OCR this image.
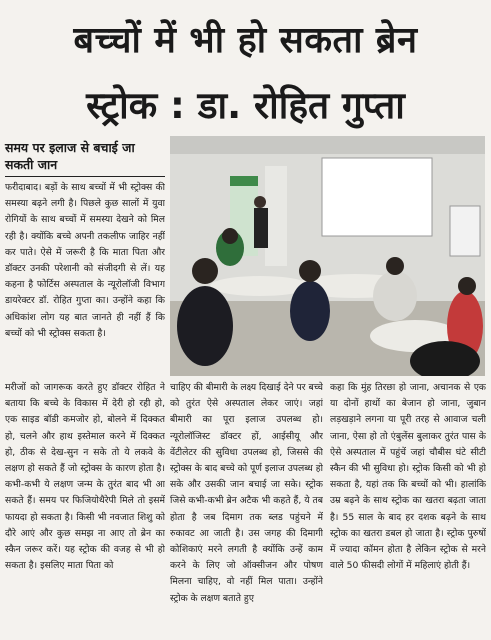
बच्चों में भी हो सकता ब्रेन
स्ट्रोक : डा. रोहित गुप्ता
समय पर इलाज से बचाई जा सकती जान

फरीदाबाद। बड़ों के साथ बच्चों में भी स्ट्रोक्स की समस्या बढ़ने लगी है। पिछले कुछ सालों में युवा रोगियों के साथ बच्चों में समस्या देखने को मिल रही है। क्योंकि बच्चे अपनी तकलीफ जाहिर नहीं कर पाते। ऐसे में जरूरी है कि माता पिता और डॉक्टर उनकी परेशानी को संजीदगी से लें। यह कहना है फोर्टिस अस्पताल के न्यूरोलॉजी विभाग डायरेक्टर डॉ. रोहित गुप्ता का। उन्होंने कहा कि अधिकांश लोग यह बात जानते ही नहीं हैं कि बच्चों को भी स्ट्रोक्स सकता है।

मरीजों को जागरूक करते हुए डॉक्टर रोहित ने बताया कि बच्चे के विकास में देरी हो रही हो, एक साइड बॉडी कमजोर हो, बोलने में दिक्कत हो, चलने और हाथ इस्तेमाल करने में दिक्कत हो, ठीक से देख-सुन न सके तो ये लकवे के लक्षण हो सकते हैं जो स्ट्रोक्स के कारण होता है। कभी-कभी ये लक्षण जन्म के तुरंत बाद भी आ सकते हैं। समय पर फिजियोथैरेपी मिले तो इसमें फायदा हो सकता है। किसी भी नवजात शिशु को दौरे आएं और कुछ समझ ना आए तो ब्रेन का स्कैन जरूर करें। यह स्ट्रोक की वजह से भी हो सकता है। इसलिए माता पिता को

चाहिए की बीमारी के लक्ष्य दिखाई देने पर बच्चे को तुरंत ऐसे अस्पताल लेकर जाएं। जहां बीमारी का पूरा इलाज उपलब्ध हो। न्यूरोलॉजिस्ट डॉक्टर हों, आईसीयू और वेंटीलेटर की सुविधा उपलब्ध हो, जिससे की स्ट्रोक्स के बाद बच्चे को पूर्ण इलाज उपलब्ध हो सके और उसकी जान बचाई जा सके। स्ट्रोक जिसे कभी-कभी ब्रेन अटैक भी कहते हैं, ये तब होता है जब दिमाग तक ब्लड पहुंचने में रुकावट आ जाती है। उस जगह की दिमागी कोशिकाएं मरने लगती है क्योंकि उन्हें काम करने के लिए जो ऑक्सीजन और पोषण मिलना चाहिए, वो नहीं मिल पाता। उन्होंने स्ट्रोक के लक्षण बताते हुए

कहा कि मुंह तिरछा हो जाना, अचानक से एक या दोनों हाथों का बेजान हो जाना, जुबान लड़खड़ाने लगना या पूरी तरह से आवाज चली जाना, ऐसा हो तो एंबुलेंस बुलाकर तुरंत पास के ऐसे अस्पताल में पहुंचें जहां चौबीस घंटे सीटी स्कैन की भी सुविधा हो। स्ट्रोक किसी को भी हो सकता है, यहां तक कि बच्चों को भी। हालांकि उम्र बढ़ने के साथ स्ट्रोक का खतरा बढ़ता जाता है। 55 साल के बाद हर दशक बढ़ने के साथ स्ट्रोक का खतरा डबल हो जाता है। स्ट्रोक पुरुषों में ज्यादा कॉमन होता है लेकिन स्ट्रोक से मरने वाले 50 फीसदी लोगों में महिलाएं होती हैं।
